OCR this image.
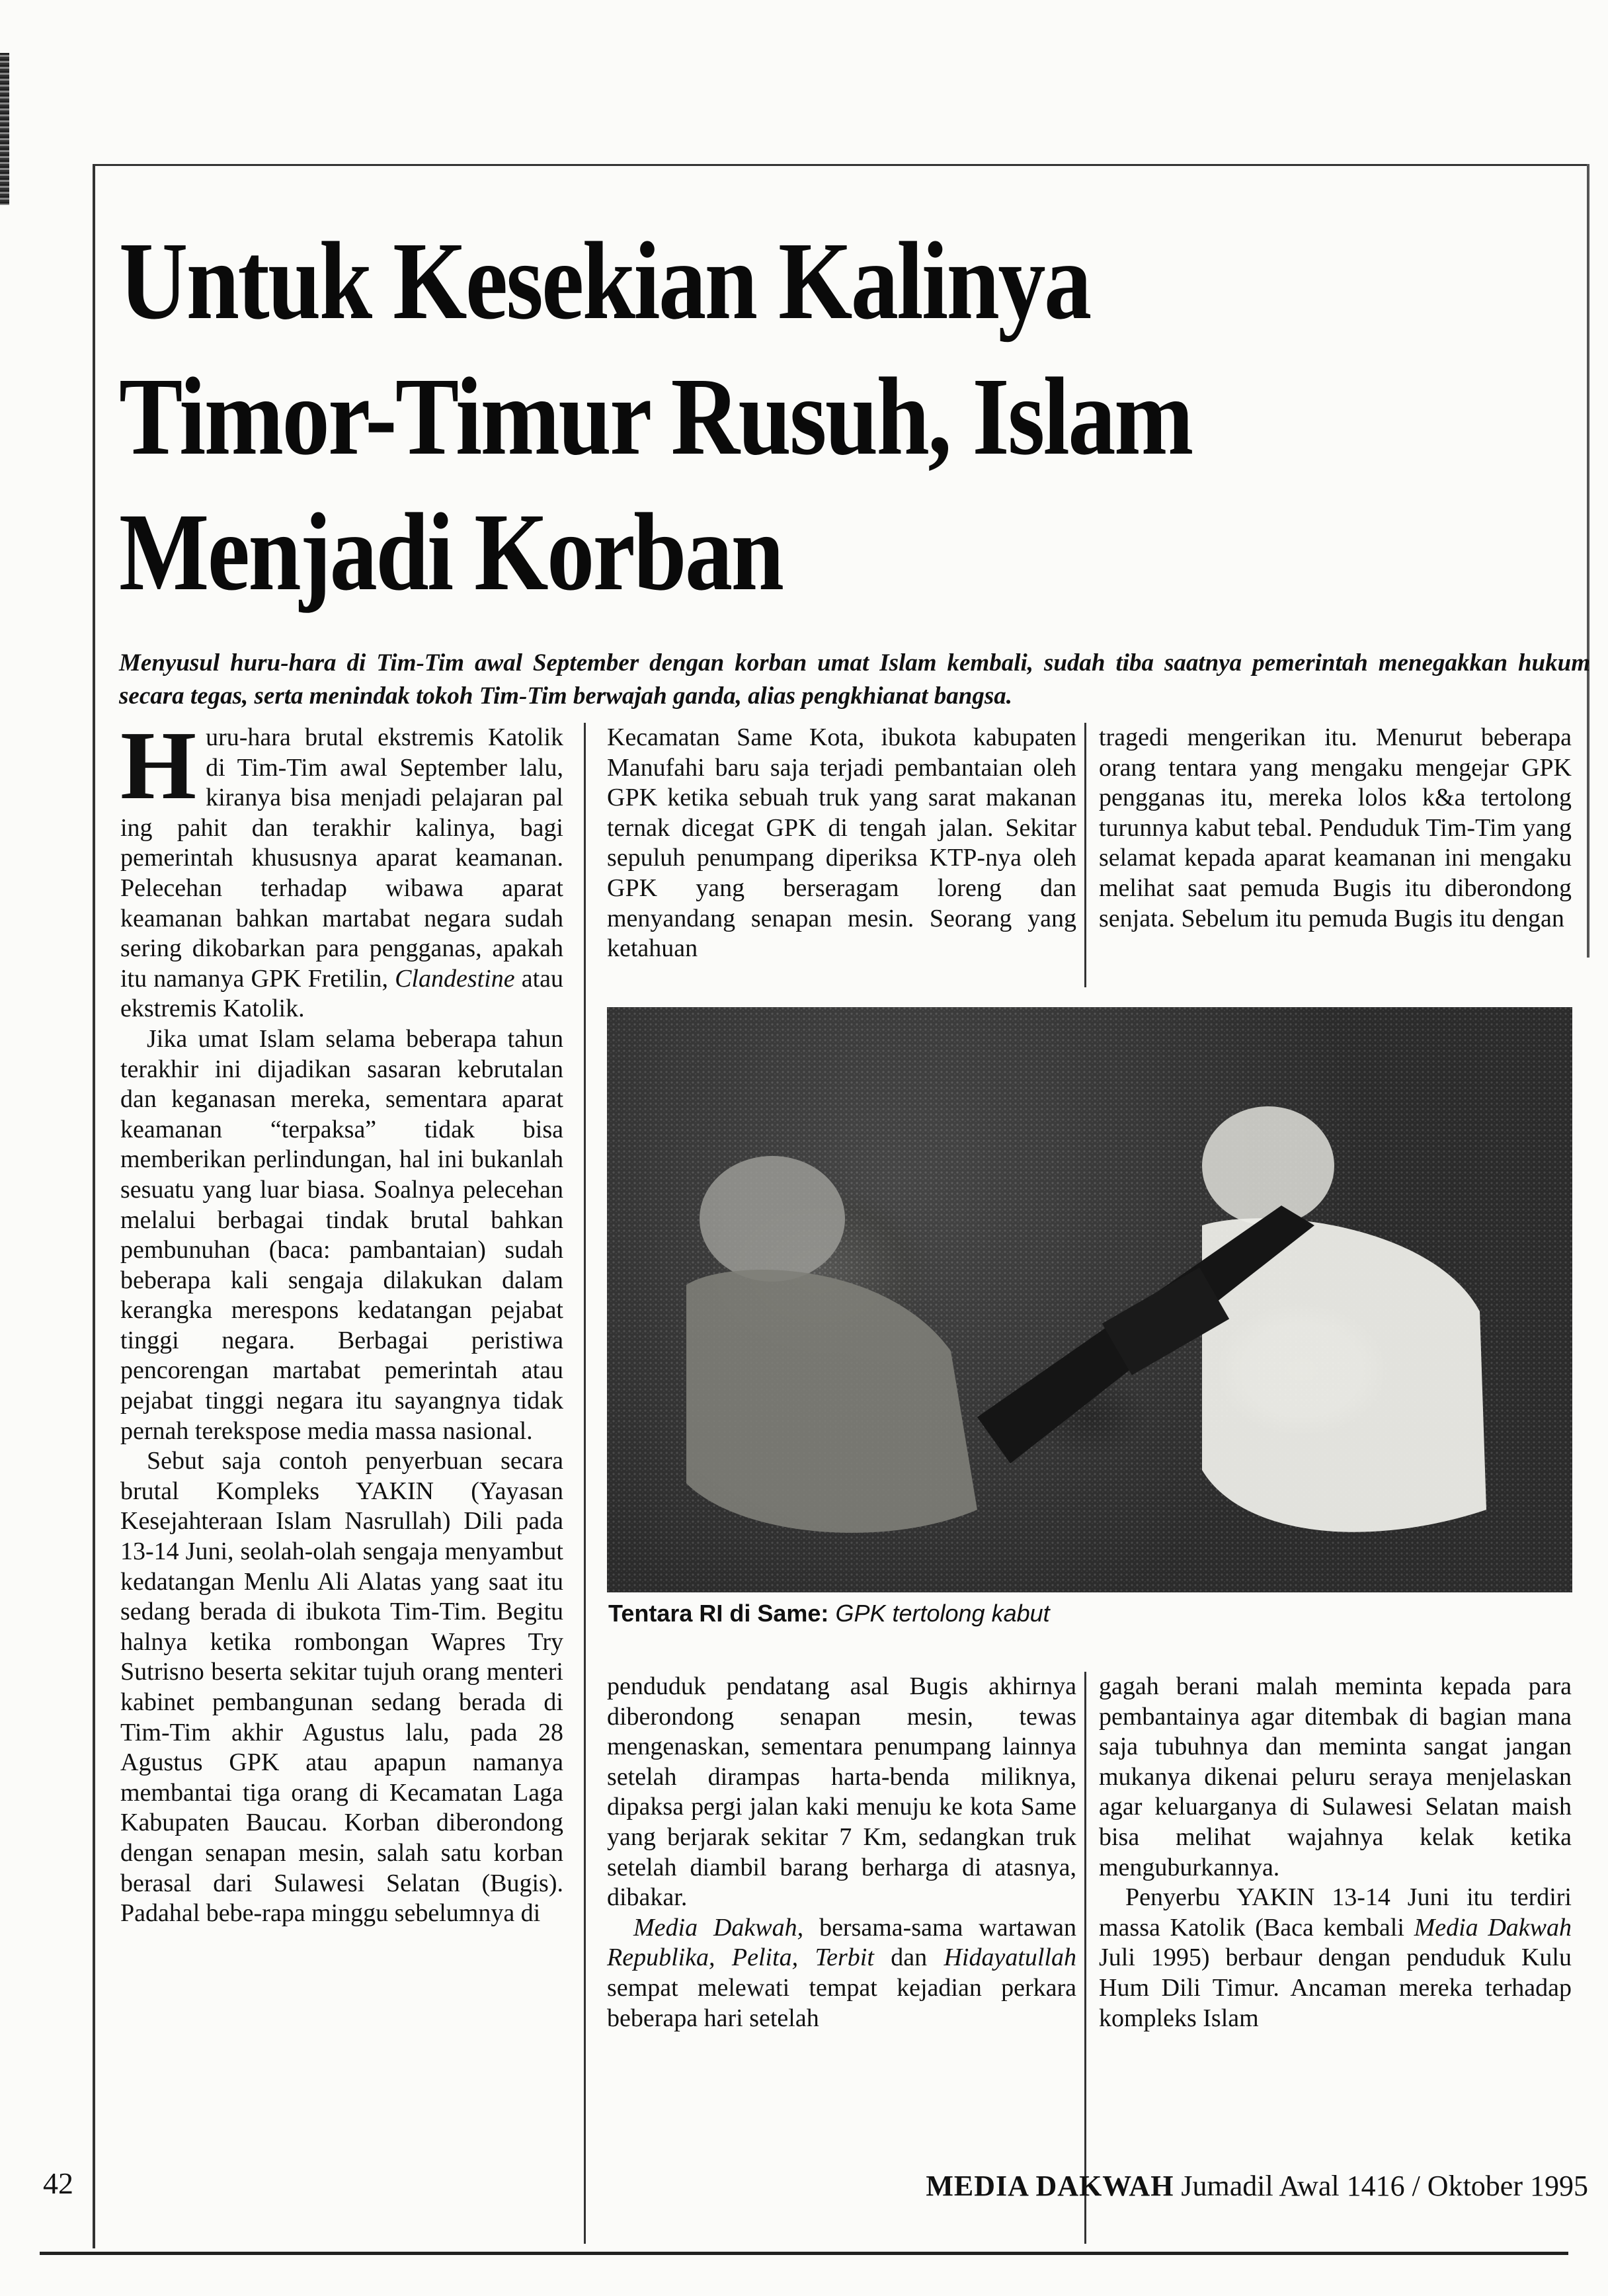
Untuk Kesekian Kalinya Timor-Timur Rusuh, Islam Menjadi Korban

Menyusul huru-hara di Tim-Tim awal September dengan korban umat Islam kembali, sudah tiba saatnya pemerintah menegakkan hukum secara tegas, serta menindak tokoh Tim-Tim berwajah ganda, alias pengkhianat bangsa.

Huru-hara brutal ekstremis Katolik di Tim-Tim awal September lalu, kiranya bisa menjadi pelajaran pal ing pahit dan terakhir kalinya, bagi pemerintah khususnya aparat keamanan. Pelecehan terhadap wibawa aparat keamanan bahkan martabat negara sudah sering dikobarkan para pengganas, apakah itu namanya GPK Fretilin, Clandestine atau ekstremis Katolik.

Jika umat Islam selama beberapa tahun terakhir ini dijadikan sasaran kebrutalan dan keganasan mereka, sementara aparat keamanan “terpaksa” tidak bisa memberikan perlindungan, hal ini bukanlah sesuatu yang luar biasa. Soalnya pelecehan melalui berbagai tindak brutal bahkan pembunuhan (baca: pambantaian) sudah beberapa kali sengaja dilakukan dalam kerangka merespons kedatangan pejabat tinggi negara. Berbagai peristiwa pencorengan martabat pemerintah atau pejabat tinggi negara itu sayangnya tidak pernah terekspose media massa nasional.

Sebut saja contoh penyerbuan secara brutal Kompleks YAKIN (Yayasan Kesejahteraan Islam Nasrullah) Dili pada 13-14 Juni, seolah-olah sengaja menyambut kedatangan Menlu Ali Alatas yang saat itu sedang berada di ibukota Tim-Tim. Begitu halnya ketika rombongan Wapres Try Sutrisno beserta sekitar tujuh orang menteri kabinet pembangunan sedang berada di Tim-Tim akhir Agustus lalu, pada 28 Agustus GPK atau apapun namanya membantai tiga orang di Kecamatan Laga Kabupaten Baucau. Korban diberondong dengan senapan mesin, salah satu korban berasal dari Sulawesi Selatan (Bugis). Padahal bebe-rapa minggu sebelumnya di

Kecamatan Same Kota, ibukota kabupaten Manufahi baru saja terjadi pembantaian oleh GPK ketika sebuah truk yang sarat makanan ternak dicegat GPK di tengah jalan. Sekitar sepuluh penumpang diperiksa KTP-nya oleh GPK yang berseragam loreng dan menyandang senapan mesin. Seorang yang ketahuan

tragedi mengerikan itu. Menurut beberapa orang tentara yang mengaku mengejar GPK pengganas itu, mereka lolos k&a tertolong turunnya kabut tebal. Penduduk Tim-Tim yang selamat kepada aparat keamanan ini mengaku melihat saat pemuda Bugis itu diberondong senjata. Sebelum itu pemuda Bugis itu dengan

Tentara RI di Same: GPK tertolong kabut

penduduk pendatang asal Bugis akhirnya diberondong senapan mesin, tewas mengenaskan, sementara penumpang lainnya setelah dirampas harta-benda miliknya, dipaksa pergi jalan kaki menuju ke kota Same yang berjarak sekitar 7 Km, sedangkan truk setelah diambil barang berharga di atasnya, dibakar.

Media Dakwah, bersama-sama wartawan Republika, Pelita, Terbit dan Hidayatullah sempat melewati tempat kejadian perkara beberapa hari setelah

gagah berani malah meminta kepada para pembantainya agar ditembak di bagian mana saja tubuhnya dan meminta sangat jangan mukanya dikenai peluru seraya menjelaskan agar keluarganya di Sulawesi Selatan maish bisa melihat wajahnya kelak ketika menguburkannya.

Penyerbu YAKIN 13-14 Juni itu terdiri massa Katolik (Baca kembali Media Dakwah Juli 1995) berbaur dengan penduduk Kulu Hum Dili Timur. Ancaman mereka terhadap kompleks Islam

42	MEDIA DAKWAH Jumadil Awal 1416 / Oktober 1995
